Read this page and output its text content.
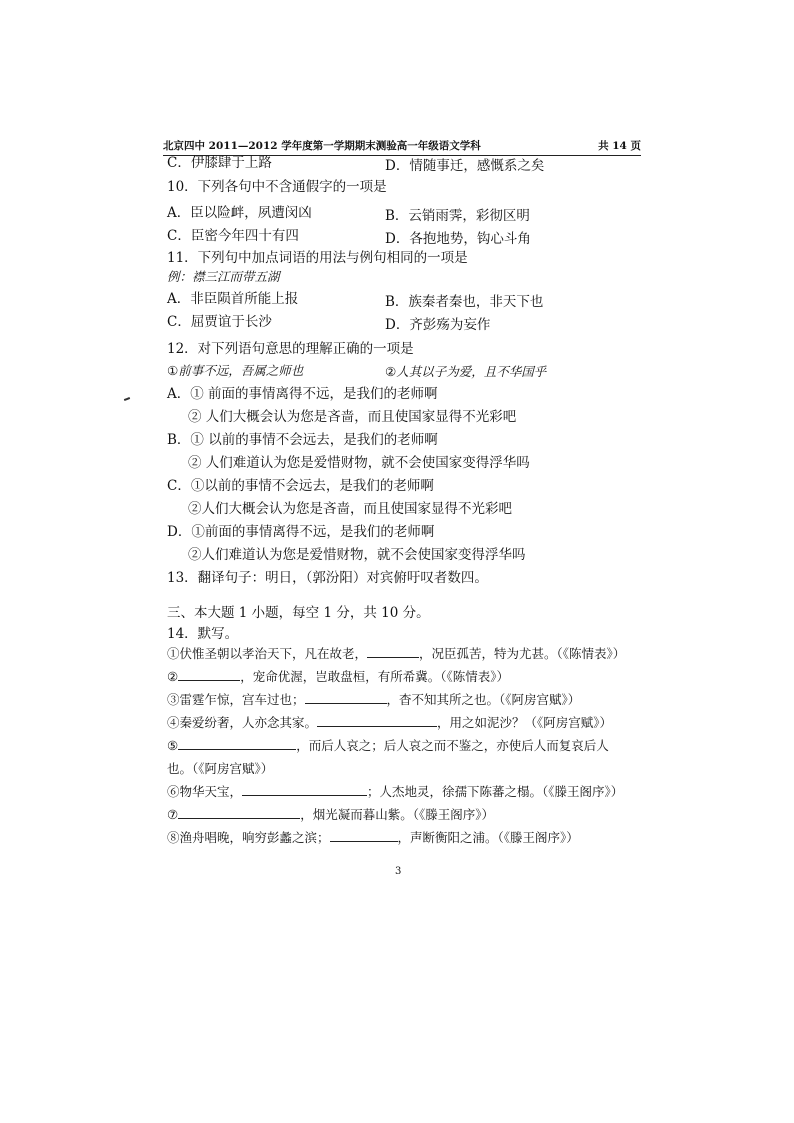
北京四中 2011—2012 学年度第一学期期末测验高一年级语文学科	共 14 页
C．伊膝肆于上路	D．情随事迁，感慨系之矣
10．下列各句中不含通假字的一项是
A．臣以险衅，夙遭闵凶	B．云销雨霁，彩彻区明
C．臣密今年四十有四	D．各抱地势，钩心斗角
11．下列句中加点词语的用法与例句相同的一项是
例：襟三江而带五湖
A．非臣陨首所能上报	B．族秦者秦也，非天下也
C．屈贾谊于长沙	D．齐彭殇为妄作
12．对下列语句意思的理解正确的一项是
①前事不远，吾属之师也	②人其以子为爱，且不华国乎
A．① 前面的事情离得不远，是我们的老师啊
② 人们大概会认为您是吝啬，而且使国家显得不光彩吧
B．① 以前的事情不会远去，是我们的老师啊
② 人们难道认为您是爱惜财物，就不会使国家变得浮华吗
C．①以前的事情不会远去，是我们的老师啊
②人们大概会认为您是吝啬，而且使国家显得不光彩吧
D．①前面的事情离得不远，是我们的老师啊
②人们难道认为您是爱惜财物，就不会使国家变得浮华吗
13．翻译句子：明日，（郭汾阳）对宾俯吁叹者数四。
三、本大题 1 小题，每空 1 分，共 10 分。
14．默写。
①伏惟圣朝以孝治天下，凡在故老，	，况臣孤苦，特为尤甚。（《陈情表》）
②	，宠命优渥，岂敢盘桓，有所希冀。（《陈情表》）
③雷霆乍惊，宫车过也；	，杳不知其所之也。（《阿房宫赋》）
④秦爱纷奢，人亦念其家。	，用之如泥沙？（《阿房宫赋》）
⑤	，而后人哀之；后人哀之而不鉴之，亦使后人而复哀后人
也。（《阿房宫赋》）
⑥物华天宝，	；人杰地灵，徐孺下陈蕃之榻。（《滕王阁序》）
⑦	，烟光凝而暮山紫。（《滕王阁序》）
⑧渔舟唱晚，响穷彭蠡之滨；	，声断衡阳之浦。（《滕王阁序》）
3
